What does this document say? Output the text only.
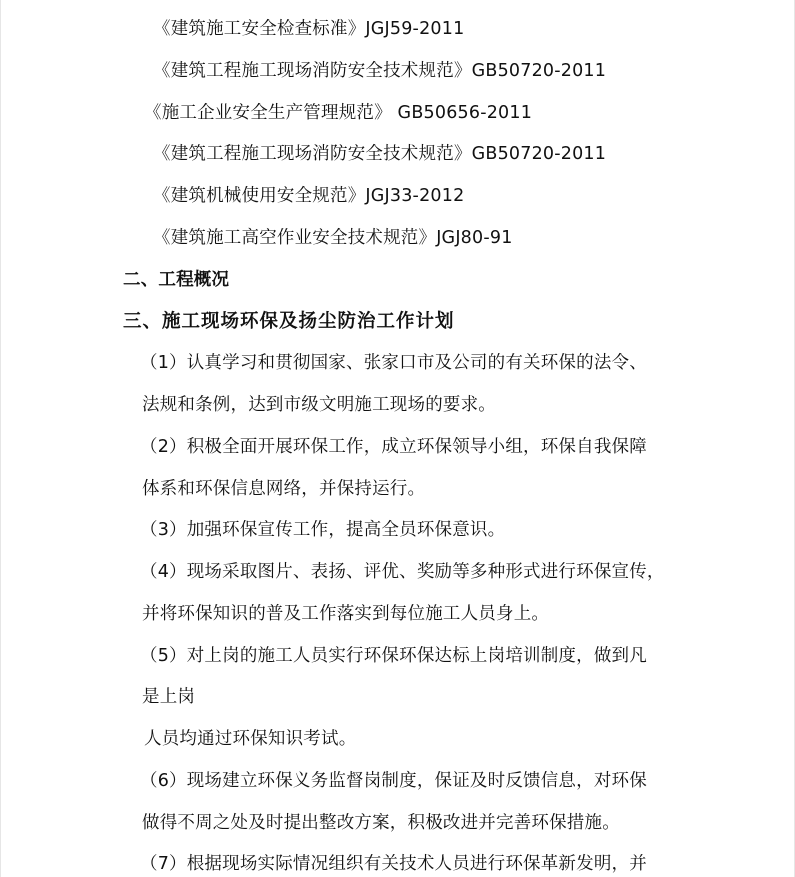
《建筑施工安全检查标准》JGJ59-2011
《建筑工程施工现场消防安全技术规范》GB50720-2011
《施工企业安全生产管理规范》 GB50656-2011
《建筑工程施工现场消防安全技术规范》GB50720-2011
《建筑机械使用安全规范》JGJ33-2012
《建筑施工高空作业安全技术规范》JGJ80-91
二、工程概况
三、施工现场环保及扬尘防治工作计划
（1）认真学习和贯彻国家、张家口市及公司的有关环保的法令、
法规和条例，达到市级文明施工现场的要求。
（2）积极全面开展环保工作，成立环保领导小组，环保自我保障
体系和环保信息网络，并保持运行。
（3）加强环保宣传工作，提高全员环保意识。
（4）现场采取图片、表扬、评优、奖励等多种形式进行环保宣传，
并将环保知识的普及工作落实到每位施工人员身上。
（5）对上岗的施工人员实行环保环保达标上岗培训制度，做到凡
是上岗
人员均通过环保知识考试。
（6）现场建立环保义务监督岗制度，保证及时反馈信息，对环保
做得不周之处及时提出整改方案，积极改进并完善环保措施。
（7）根据现场实际情况组织有关技术人员进行环保革新发明，并
